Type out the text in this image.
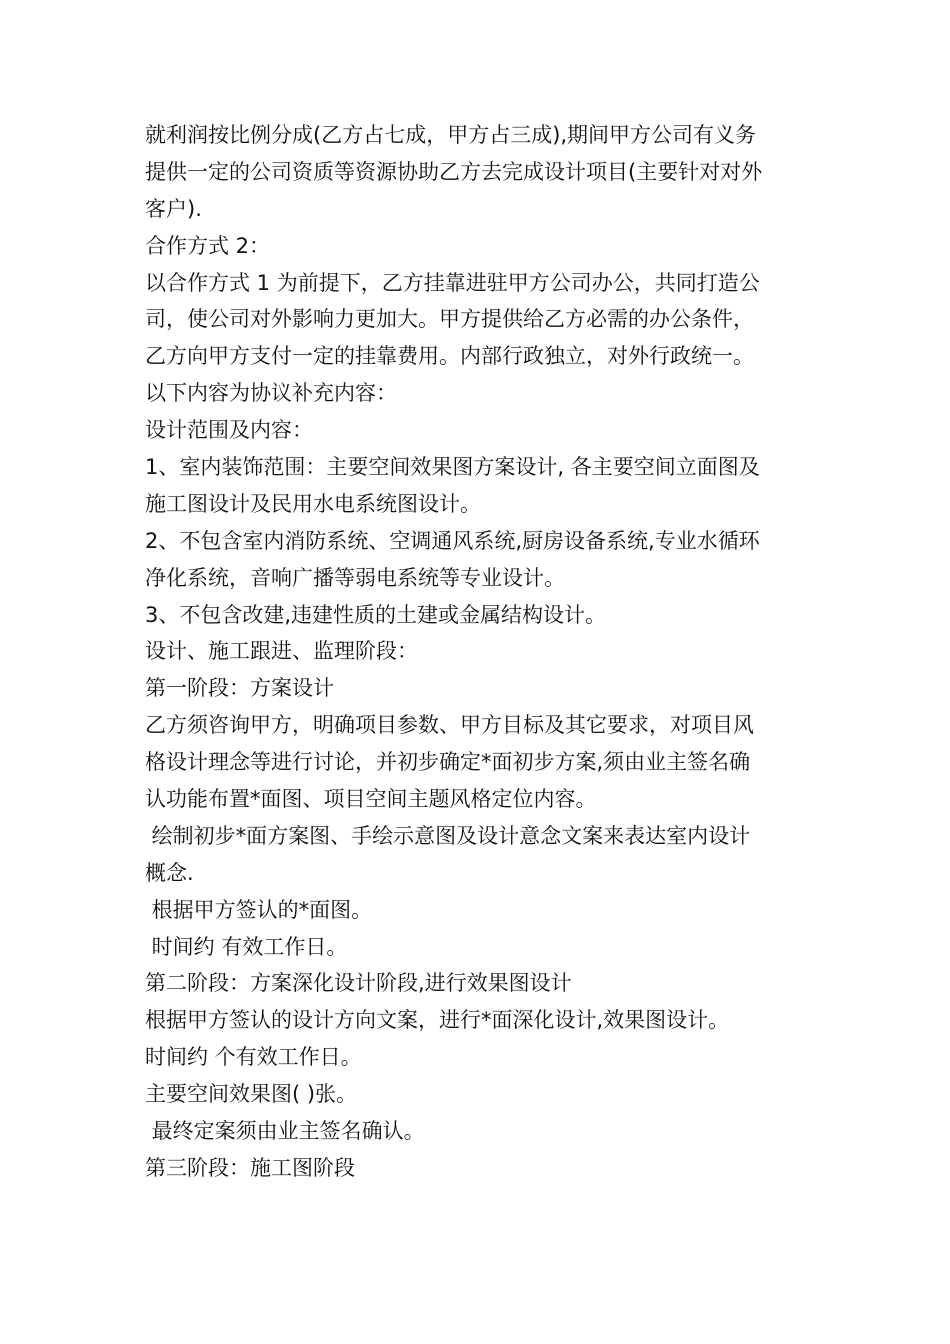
就利润按比例分成(乙方占七成，甲方占三成),期间甲方公司有义务
提供一定的公司资质等资源协助乙方去完成设计项目(主要针对对外
客户).
合作方式 2：
以合作方式 1 为前提下，乙方挂靠进驻甲方公司办公，共同打造公
司，使公司对外影响力更加大。甲方提供给乙方必需的办公条件，
乙方向甲方支付一定的挂靠费用。内部行政独立，对外行政统一。
以下内容为协议补充内容：
设计范围及内容：
1、室内装饰范围：主要空间效果图方案设计, 各主要空间立面图及
施工图设计及民用水电系统图设计。
2、不包含室内消防系统、空调通风系统,厨房设备系统,专业水循环
净化系统，音响广播等弱电系统等专业设计。
3、不包含改建,违建性质的土建或金属结构设计。
设计、施工跟进、监理阶段：
第一阶段：方案设计
乙方须咨询甲方，明确项目参数、甲方目标及其它要求，对项目风
格设计理念等进行讨论，并初步确定*面初步方案,须由业主签名确
认功能布置*面图、项目空间主题风格定位内容。
绘制初步*面方案图、手绘示意图及设计意念文案来表达室内设计
概念.
根据甲方签认的*面图。
时间约 有效工作日。
第二阶段：方案深化设计阶段,进行效果图设计
根据甲方签认的设计方向文案，进行*面深化设计,效果图设计。
时间约 个有效工作日。
主要空间效果图( )张。
最终定案须由业主签名确认。
第三阶段：施工图阶段
